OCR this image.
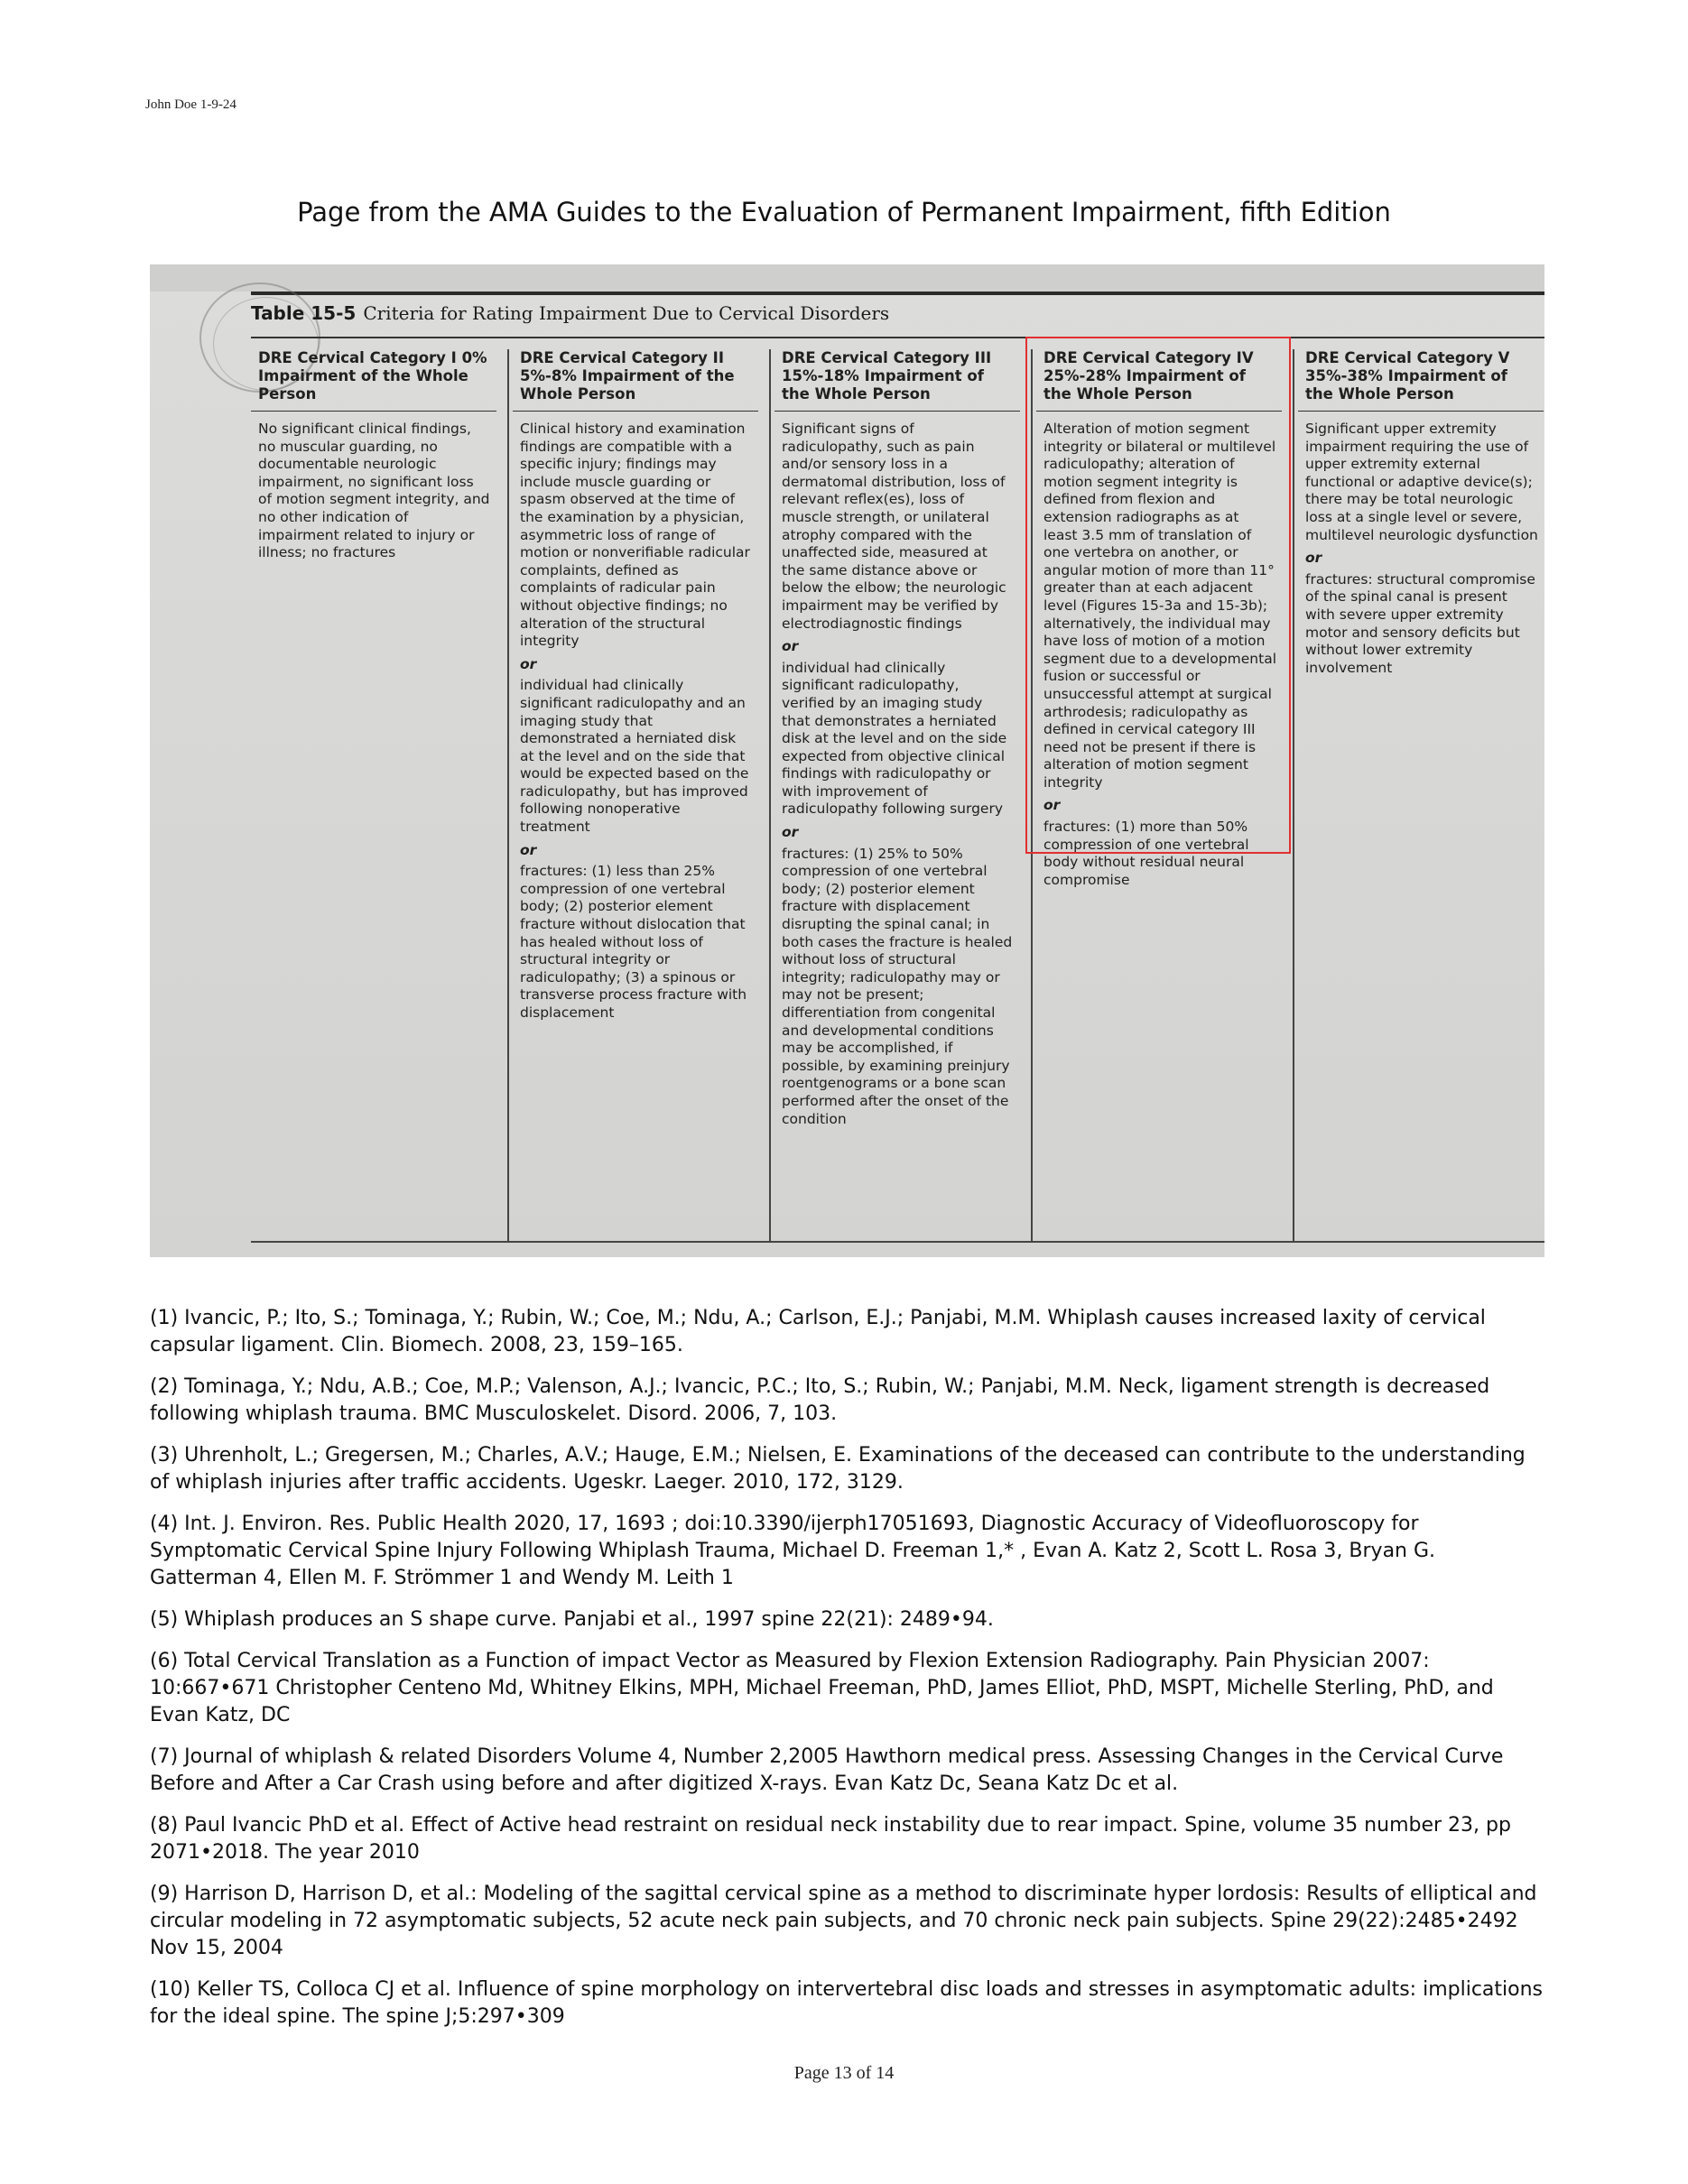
John Doe 1-9-24
Page from the AMA Guides to the Evaluation of Permanent Impairment, fifth Edition
Table 15-5 Criteria for Rating Impairment Due to Cervical Disorders
DRE Cervical Category I 0% Impairment of the Whole Person

No significant clinical findings, no muscular guarding, no documentable neurologic impairment, no significant loss of motion segment integrity, and no other indication of impairment related to injury or illness; no fractures

DRE Cervical Category II 5%-8% Impairment of the Whole Person

Clinical history and examination findings are compatible with a specific injury; findings may include muscle guarding or spasm observed at the time of the examination by a physician, asymmetric loss of range of motion or nonverifiable radicular complaints, defined as complaints of radicular pain without objective findings; no alteration of the structural integrity

or

individual had clinically significant radiculopathy and an imaging study that demonstrated a herniated disk at the level and on the side that would be expected based on the radiculopathy, but has improved following nonoperative treatment

or

fractures: (1) less than 25% compression of one vertebral body; (2) posterior element fracture without dislocation that has healed without loss of structural integrity or radiculopathy; (3) a spinous or transverse process fracture with displacement

DRE Cervical Category III 15%-18% Impairment of the Whole Person

Significant signs of radiculopathy, such as pain and/or sensory loss in a dermatomal distribution, loss of relevant reflex(es), loss of muscle strength, or unilateral atrophy compared with the unaffected side, measured at the same distance above or below the elbow; the neurologic impairment may be verified by electrodiagnostic findings

or

individual had clinically significant radiculopathy, verified by an imaging study that demonstrates a herniated disk at the level and on the side expected from objective clinical findings with radiculopathy or with improvement of radiculopathy following surgery

or

fractures: (1) 25% to 50% compression of one vertebral body; (2) posterior element fracture with displacement disrupting the spinal canal; in both cases the fracture is healed without loss of structural integrity; radiculopathy may or may not be present; differentiation from congenital and developmental conditions may be accomplished, if possible, by examining preinjury roentgenograms or a bone scan performed after the onset of the condition

DRE Cervical Category IV 25%-28% Impairment of the Whole Person

Alteration of motion segment integrity or bilateral or multilevel radiculopathy; alteration of motion segment integrity is defined from flexion and extension radiographs as at least 3.5 mm of translation of one vertebra on another, or angular motion of more than 11° greater than at each adjacent level (Figures 15-3a and 15-3b); alternatively, the individual may have loss of motion of a motion segment due to a developmental fusion or successful or unsuccessful attempt at surgical arthrodesis; radiculopathy as defined in cervical category III need not be present if there is alteration of motion segment integrity

or

fractures: (1) more than 50% compression of one vertebral body without residual neural compromise

DRE Cervical Category V 35%-38% Impairment of the Whole Person

Significant upper extremity impairment requiring the use of upper extremity external functional or adaptive device(s); there may be total neurologic loss at a single level or severe, multilevel neurologic dysfunction

or

fractures: structural compromise of the spinal canal is present with severe upper extremity motor and sensory deficits but without lower extremity involvement

(1) Ivancic, P.; Ito, S.; Tominaga, Y.; Rubin, W.; Coe, M.; Ndu, A.; Carlson, E.J.; Panjabi, M.M. Whiplash causes increased laxity of cervical capsular ligament. Clin. Biomech. 2008, 23, 159–165.

(2) Tominaga, Y.; Ndu, A.B.; Coe, M.P.; Valenson, A.J.; Ivancic, P.C.; Ito, S.; Rubin, W.; Panjabi, M.M. Neck, ligament strength is decreased following whiplash trauma. BMC Musculoskelet. Disord. 2006, 7, 103.

(3) Uhrenholt, L.; Gregersen, M.; Charles, A.V.; Hauge, E.M.; Nielsen, E. Examinations of the deceased can contribute to the understanding of whiplash injuries after traffic accidents. Ugeskr. Laeger. 2010, 172, 3129.

(4) Int. J. Environ. Res. Public Health 2020, 17, 1693 ; doi:10.3390/ijerph17051693, Diagnostic Accuracy of Videofluoroscopy for Symptomatic Cervical Spine Injury Following Whiplash Trauma, Michael D. Freeman 1,* , Evan A. Katz 2, Scott L. Rosa 3, Bryan G. Gatterman 4, Ellen M. F. Strömmer 1 and Wendy M. Leith 1

(5) Whiplash produces an S shape curve. Panjabi et al., 1997 spine 22(21): 2489•94.

(6) Total Cervical Translation as a Function of impact Vector as Measured by Flexion Extension Radiography. Pain Physician 2007: 10:667•671 Christopher Centeno Md, Whitney Elkins, MPH, Michael Freeman, PhD, James Elliot, PhD, MSPT, Michelle Sterling, PhD, and Evan Katz, DC

(7) Journal of whiplash & related Disorders Volume 4, Number 2,2005 Hawthorn medical press. Assessing Changes in the Cervical Curve Before and After a Car Crash using before and after digitized X-rays. Evan Katz Dc, Seana Katz Dc et al.

(8) Paul Ivancic PhD et al. Effect of Active head restraint on residual neck instability due to rear impact. Spine, volume 35 number 23, pp 2071•2018. The year 2010

(9) Harrison D, Harrison D, et al.: Modeling of the sagittal cervical spine as a method to discriminate hyper lordosis: Results of elliptical and circular modeling in 72 asymptomatic subjects, 52 acute neck pain subjects, and 70 chronic neck pain subjects. Spine 29(22):2485•2492 Nov 15, 2004

(10) Keller TS, Colloca CJ et al. Influence of spine morphology on intervertebral disc loads and stresses in asymptomatic adults: implications for the ideal spine. The spine J;5:297•309

Page 13 of 14
